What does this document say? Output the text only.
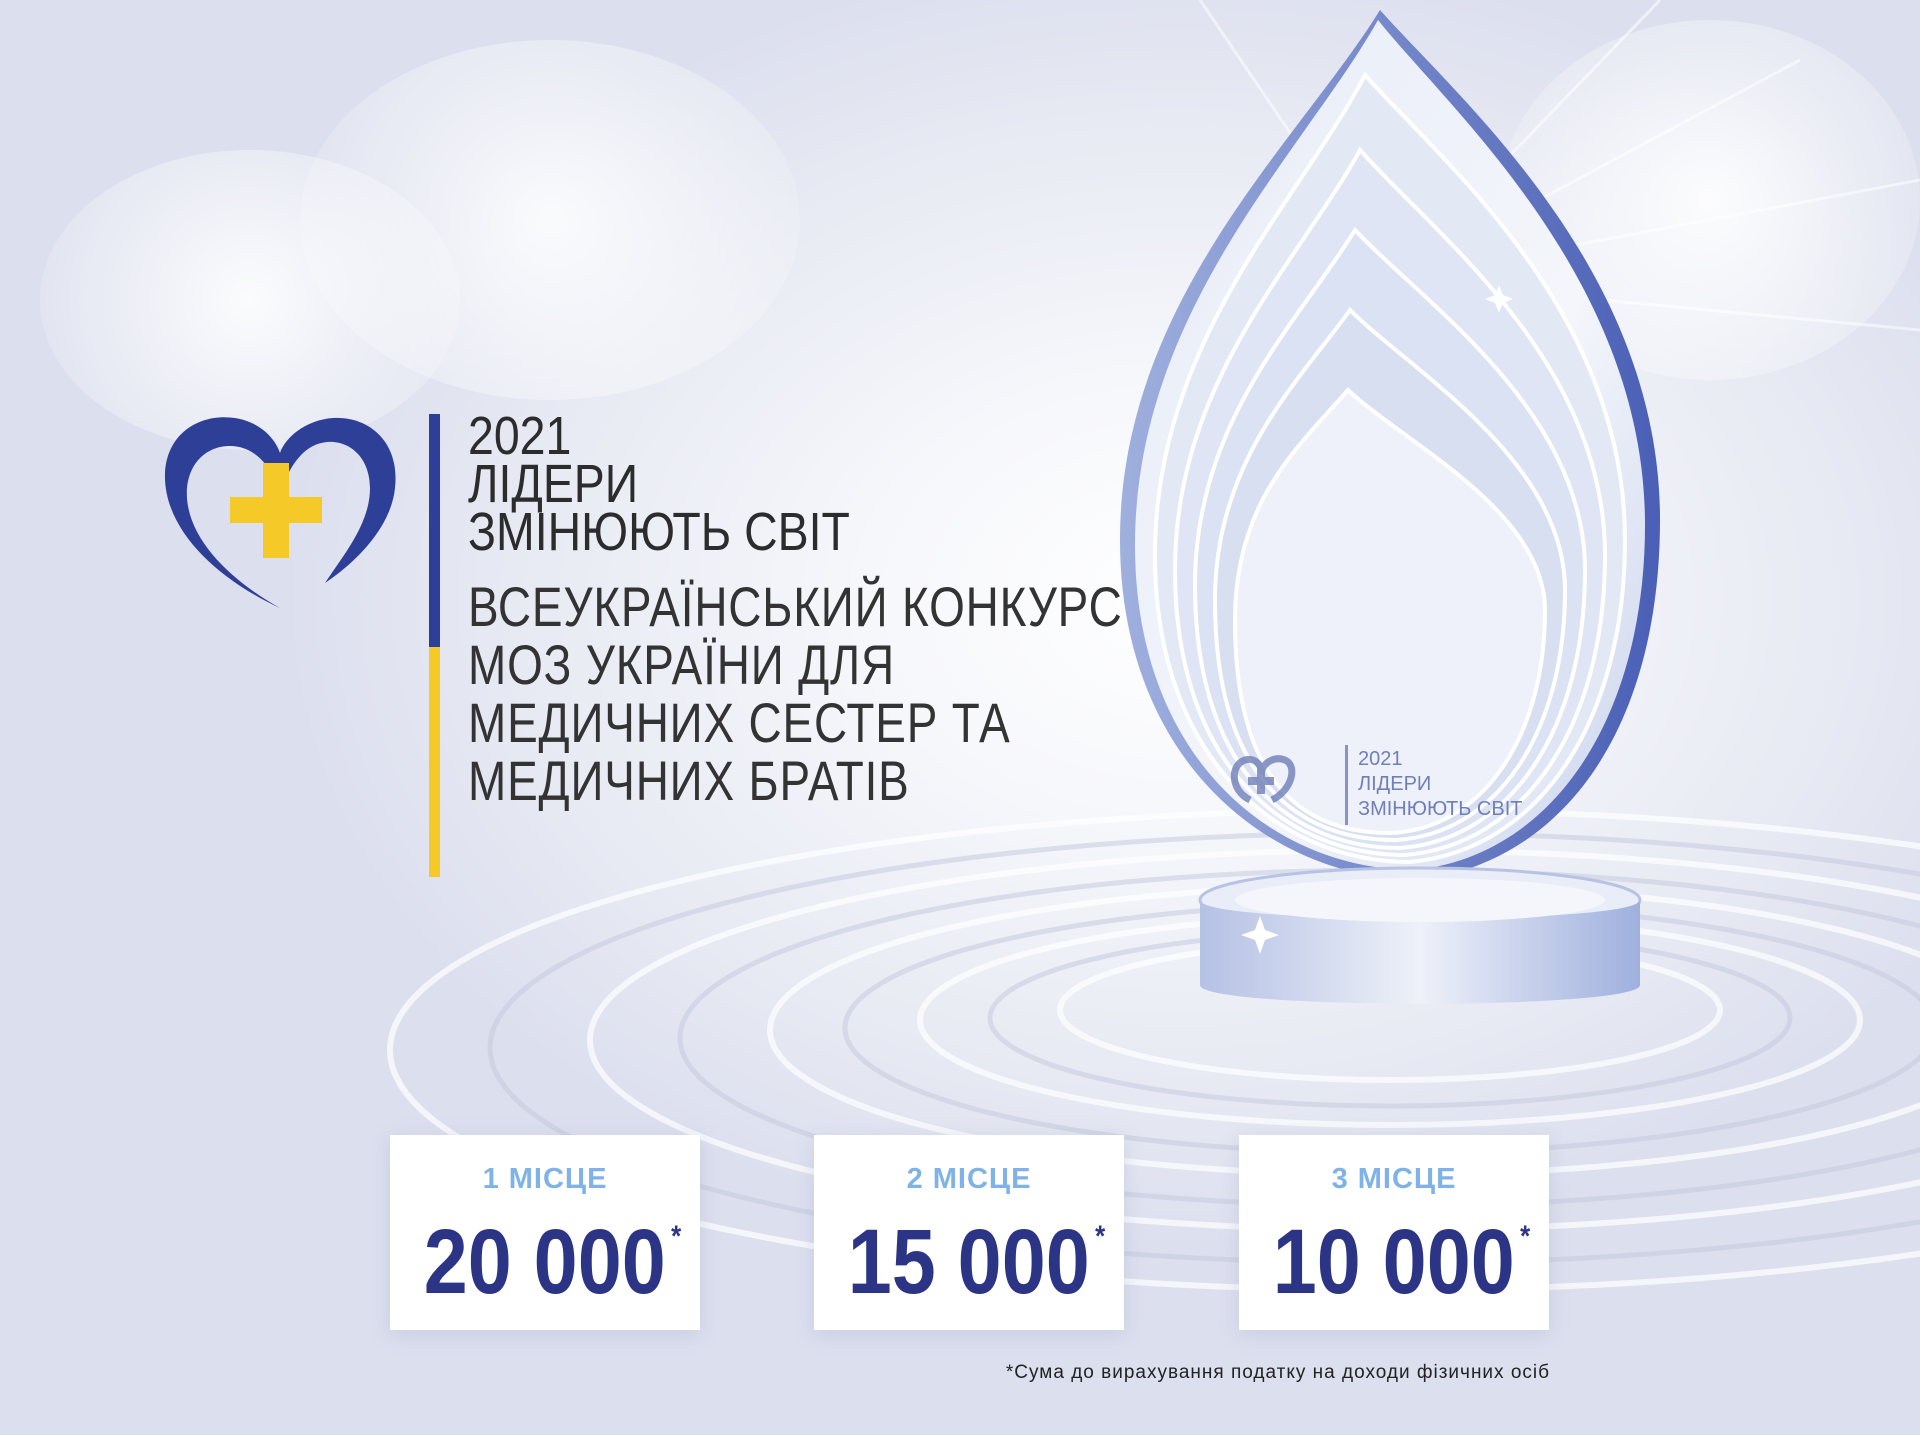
2021
ЛІДЕРИ
ЗМІНЮЮТЬ СВІТ
ВСЕУКРАЇНСЬКИЙ КОНКУРС
МОЗ УКРАЇНИ ДЛЯ
МЕДИЧНИХ СЕСТЕР ТА
МЕДИЧНИХ БРАТІВ	2021
ЛІДЕРИ
ЗМІНЮЮТЬ СВІТ
1 МІСЦЕ
20 000 *
2 МІСЦЕ
15 000 *
3 МІСЦЕ
10 000 *
*Сума до вирахування податку на доходи фізичних осіб
